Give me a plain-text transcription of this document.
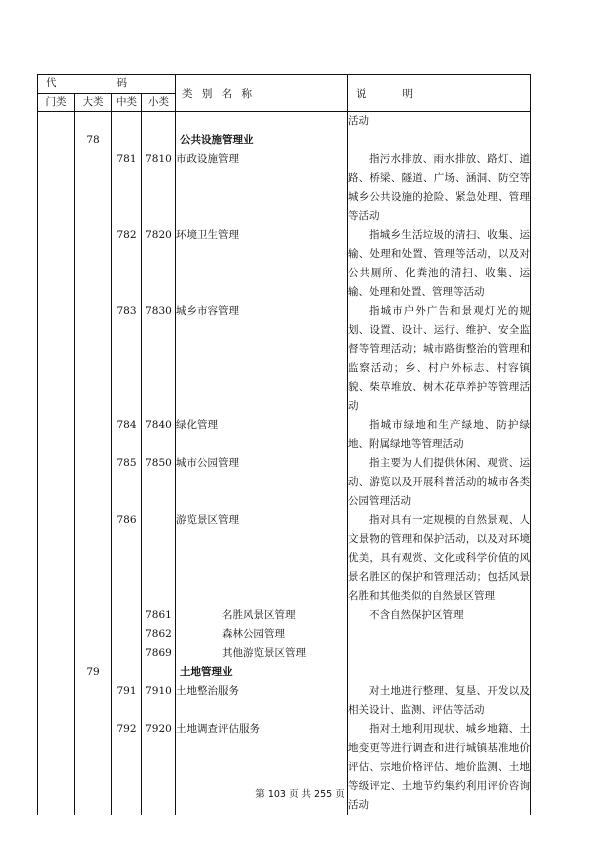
代 码				类 别 名 称	说 明
门类	大类	中类	小类		

					活动

	78			公共设施管理业	

		781	7810	市政设施管理	指污水排放、雨水排放、路灯、道路、桥梁、隧道、广场、涵洞、防空等城乡公共设施的抢险、紧急处理、管理等活动

		782	7820	环境卫生管理	指城乡生活垃圾的清扫、收集、运输、处理和处置、管理等活动，以及对公共厕所、化粪池的清扫、收集、运输、处理和处置、管理等活动

		783	7830	城乡市容管理	指城市户外广告和景观灯光的规划、设置、设计、运行、维护、安全监督等管理活动；城市路街整治的管理和监察活动；乡、村户外标志、村容镇貌、柴草堆放、树木花草养护等管理活动

		784	7840	绿化管理	指城市绿地和生产绿地、防护绿地、附属绿地等管理活动

		785	7850	城市公园管理	指主要为人们提供休闲、观赏、运动、游览以及开展科普活动的城市各类公园管理活动

		786		游览景区管理	指对具有一定规模的自然景观、人文景物的管理和保护活动，以及对环境优美，具有观赏、文化或科学价值的风景名胜区的保护和管理活动；包括风景名胜和其他类似的自然景区管理

			7861	名胜风景区管理	不含自然保护区管理

			7862	森林公园管理	

			7869	其他游览景区管理	

	79			土地管理业	

		791	7910	土地整治服务	对土地进行整理、复垦、开发以及相关设计、监测、评估等活动

		792	7920	土地调查评估服务	指对土地利用现状、城乡地籍、土地变更等进行调查和进行城镇基准地价评估、宗地价格评估、地价监测、土地等级评定、土地节约集约利用评价咨询活动
第 103 页 共 255 页
